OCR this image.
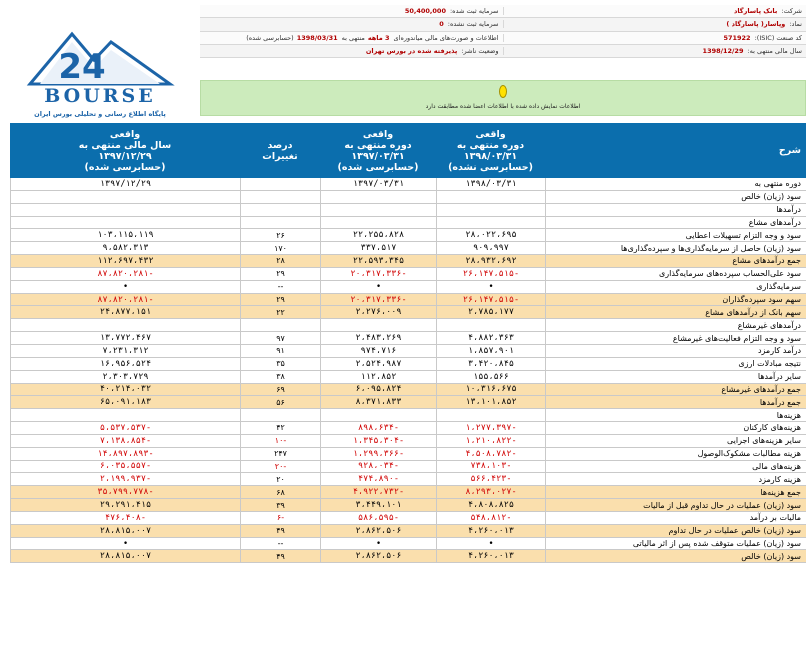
شرکت:
بانک پاسارگاد
سرمایه ثبت شده:
50,400,000
نماد:
وپاسار( پاسارگاد )
سرمایه ثبت نشده:
0
کد صنعت (ISIC):
571922
اطلاعات و صورت‌های مالی میاندوره‌ای
3 ماهه
منتهی به
1398/03/31
(حسابرسی شده)
سال مالی منتهی به:
1398/12/29
وضعیت ناشر:
پذیرفته شده در بورس تهران
24
BOURSE
پایگاه اطلاع رسانی و تحلیلی بورس ایران
اطلاعات نمایش داده شده با اطلاعات اعضا شده مطابقت دارد
شرح
واقعی
دوره منتهی به
۱۳۹۸/۰۳/۳۱
(حسابرسی نشده)
واقعی
دوره منتهی به
۱۳۹۷/۰۳/۳۱
(حسابرسی شده)
درصد
تغییرات
واقعی
سال مالی منتهی به
۱۳۹۷/۱۲/۲۹
(حسابرسی شده)
دوره منتهی به
۱۳۹۸/۰۳/۳۱
۱۳۹۷/۰۳/۳۱
۱۳۹۷/۱۲/۲۹
سود (زیان) خالص
درآمدها
درآمدهای مشاع
سود و وجه التزام تسهیلات اعطایی
۲۸،۰۲۲،۶۹۵
۲۲،۲۵۵،۸۲۸
۲۶
۱۰۳،۱۱۵،۱۱۹
سود (زیان) حاصل از سرمایه‌گذاری‌ها و سپرده‌گذاری‌ها
۹۰۹،۹۹۷
۳۳۷،۵۱۷
۱۷۰
۹،۵۸۲،۳۱۳
جمع درآمدهای مشاع
۲۸،۹۳۲،۶۹۲
۲۲،۵۹۳،۳۴۵
۲۸
۱۱۲،۶۹۷،۴۳۲
سود علی‌الحساب سپرده‌های سرمایه‌گذاری
-۲۶،۱۴۷،۵۱۵
-۲۰،۳۱۷،۳۳۶
۲۹
-۸۷،۸۲۰،۲۸۱
سرمایه‌گذاری
•
•
--
•
سهم سود سپرده‌گذاران
-۲۶،۱۴۷،۵۱۵
-۲۰،۳۱۷،۳۳۶
۲۹
-۸۷،۸۲۰،۲۸۱
سهم بانک از درآمدهای مشاع
۲،۷۸۵،۱۷۷
۲،۲۷۶،۰۰۹
۲۲
۲۴،۸۷۷،۱۵۱
درآمدهای غیرمشاع
سود و وجه التزام فعالیت‌های غیرمشاع
۴،۸۸۲،۳۶۳
۲،۴۸۳،۲۶۹
۹۷
۱۳،۷۷۲،۴۶۷
درآمد کارمزد
۱،۸۵۷،۹۰۱
۹۷۴،۷۱۶
۹۱
۷،۲۳۱،۳۱۲
نتیجه مبادلات ارزی
۳،۴۲۰،۸۴۵
۲،۵۲۴،۹۸۷
۳۵
۱۶،۹۵۶،۵۲۴
سایر درآمدها
۱۵۵،۵۶۶
۱۱۲،۸۵۲
۳۸
۲،۳۰۳،۷۲۹
جمع درآمدهای غیرمشاع
۱۰،۳۱۶،۶۷۵
۶،۰۹۵،۸۲۴
۶۹
۴۰،۲۱۴،۰۳۲
جمع درآمدها
۱۳،۱۰۱،۸۵۲
۸،۳۷۱،۸۳۳
۵۶
۶۵،۰۹۱،۱۸۳
هزینه‌ها
هزینه‌های کارکنان
-۱،۲۷۷،۳۹۷
-۸۹۸،۶۳۴
۴۲
-۵،۵۳۷،۵۳۷
سایر هزینه‌های اجرایی
-۱،۲۱۰،۸۲۲
-۱،۳۴۵،۳۰۴
-۱۰
-۷،۱۳۸،۸۵۴
هزینه مطالبات مشکوک‌الوصول
-۴،۵۰۸،۷۸۲
-۱،۲۹۹،۳۶۶
۲۴۷
-۱۴،۸۹۷،۸۹۳
هزینه‌های مالی
-۷۳۸،۱۰۳
-۹۲۸،۰۳۴
-۲۰
-۶،۰۳۵،۵۵۷
هزینه کارمزد
-۵۶۶،۴۲۳
-۴۷۴،۸۹۰
۲۰
-۲،۱۹۹،۹۳۷
جمع هزینه‌ها
-۸،۲۹۳،۰۲۷
-۴،۹۲۲،۷۳۲
۶۸
-۳۵،۷۹۹،۷۷۸
سود (زیان) عملیات در حال تداوم قبل از مالیات
۴،۸۰۸،۸۲۵
۳،۴۴۹،۱۰۱
۳۹
۲۹،۲۹۱،۴۱۵
مالیات بر درآمد
-۵۴۸،۸۱۲
-۵۸۶،۵۹۵
-۶
-۴۷۶،۴۰۸
سود (زیان) خالص عملیات در حال تداوم
۴،۲۶۰،۰۱۳
۲،۸۶۲،۵۰۶
۴۹
۲۸،۸۱۵،۰۰۷
سود (زیان) عملیات متوقف شده پس از اثر مالیاتی
•
•
--
•
سود (زیان) خالص
۴،۲۶۰،۰۱۳
۲،۸۶۲،۵۰۶
۴۹
۲۸،۸۱۵،۰۰۷
